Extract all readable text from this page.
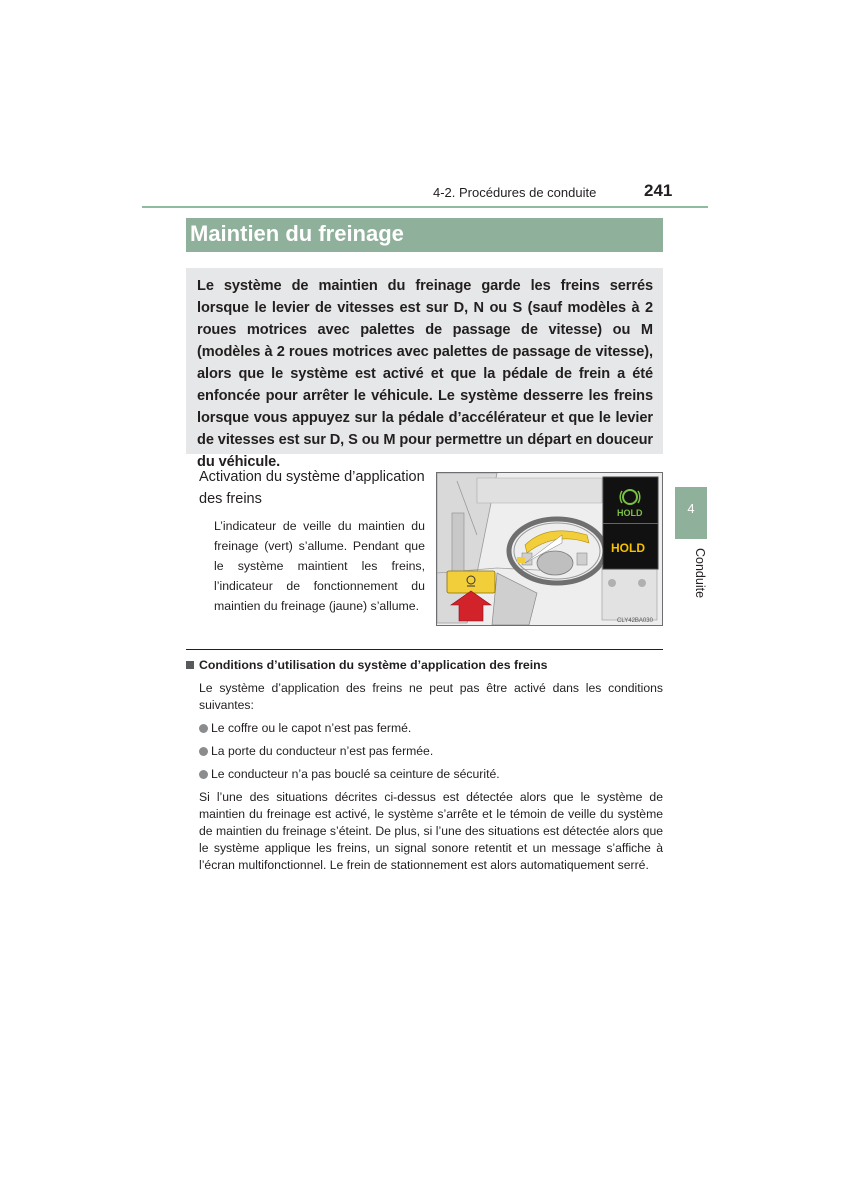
4-2. Procédures de conduite	241
Maintien du freinage

Le système de maintien du freinage garde les freins serrés lorsque le levier de vitesses est sur D, N ou S (sauf modèles à 2 roues motrices avec palettes de passage de vitesse) ou M (modèles à 2 roues motrices avec palettes de passage de vitesse), alors que le système est activé et que la pédale de frein a été enfoncée pour arrêter le véhicule. Le système desserre les freins lorsque vous appuyez sur la pédale d’accélérateur et que le levier de vitesses est sur D, S ou M pour permettre un départ en douceur du véhicule.

Activation du système d’application des freins
L’indicateur de veille du maintien du freinage (vert) s’allume. Pendant que le système maintient les freins, l’indicateur de fonctionnement du maintien du freinage (jaune) s’allume.
HOLD
HOLD
CLY42BA030
4
Conduite
Conditions d’utilisation du système d’application des freins

Le système d’application des freins ne peut pas être activé dans les conditions suivantes:

Le coffre ou le capot n’est pas fermé.

La porte du conducteur n’est pas fermée.

Le conducteur n’a pas bouclé sa ceinture de sécurité.

Si l’une des situations décrites ci-dessus est détectée alors que le système de maintien du freinage est activé, le système s’arrête et le témoin de veille du système de maintien du freinage s’éteint. De plus, si l’une des situations est détectée alors que le système applique les freins, un signal sonore retentit et un message s’affiche à l’écran multifonctionnel. Le frein de stationnement est alors automatiquement serré.
